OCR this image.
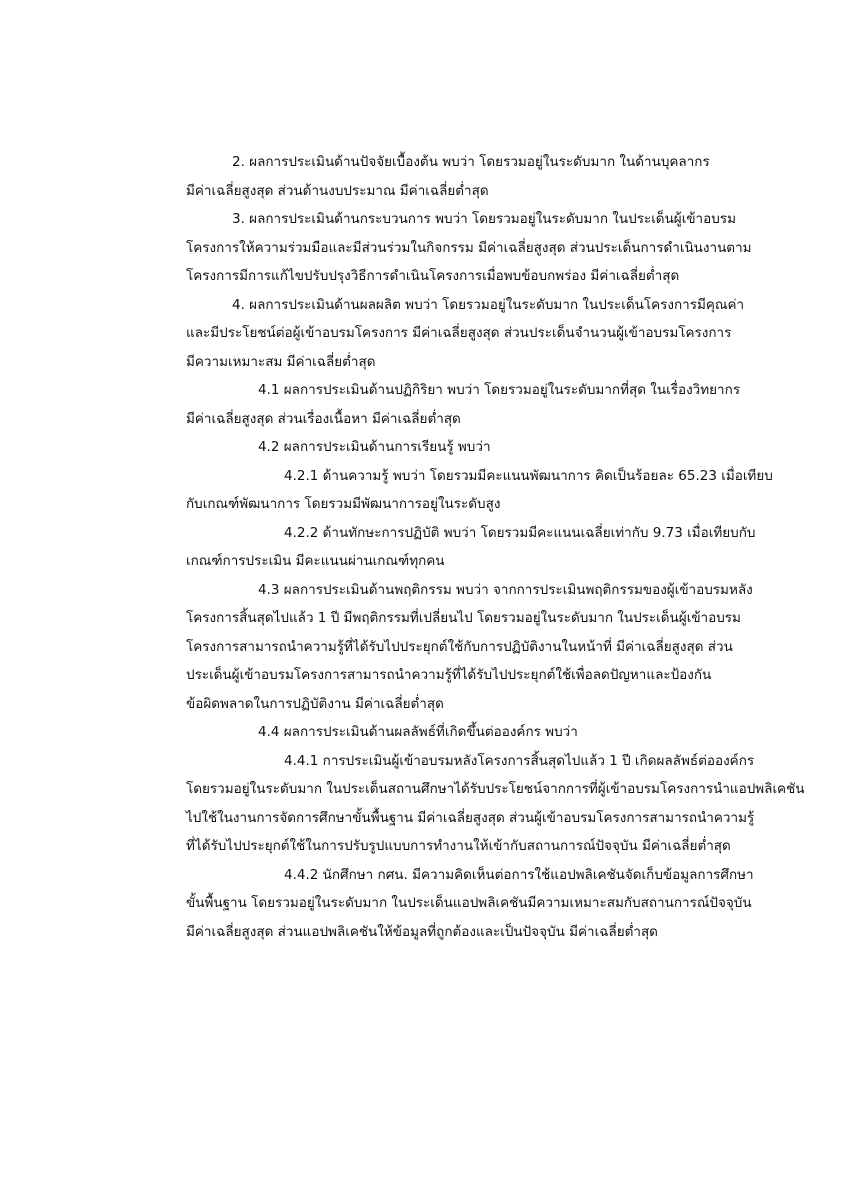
2. ผลการประเมินด้านปัจจัยเบื้องต้น พบว่า โดยรวมอยู่ในระดับมาก ในด้านบุคลากร
มีค่าเฉลี่ยสูงสุด ส่วนด้านงบประมาณ มีค่าเฉลี่ยต่ำสุด
3. ผลการประเมินด้านกระบวนการ พบว่า โดยรวมอยู่ในระดับมาก ในประเด็นผู้เข้าอบรม
โครงการให้ความร่วมมือและมีส่วนร่วมในกิจกรรม มีค่าเฉลี่ยสูงสุด ส่วนประเด็นการดำเนินงานตาม
โครงการมีการแก้ไขปรับปรุงวิธีการดำเนินโครงการเมื่อพบข้อบกพร่อง มีค่าเฉลี่ยต่ำสุด
4. ผลการประเมินด้านผลผลิต พบว่า โดยรวมอยู่ในระดับมาก ในประเด็นโครงการมีคุณค่า
และมีประโยชน์ต่อผู้เข้าอบรมโครงการ มีค่าเฉลี่ยสูงสุด ส่วนประเด็นจำนวนผู้เข้าอบรมโครงการ
มีความเหมาะสม มีค่าเฉลี่ยต่ำสุด
4.1 ผลการประเมินด้านปฏิกิริยา พบว่า โดยรวมอยู่ในระดับมากที่สุด ในเรื่องวิทยากร
มีค่าเฉลี่ยสูงสุด ส่วนเรื่องเนื้อหา มีค่าเฉลี่ยต่ำสุด
4.2 ผลการประเมินด้านการเรียนรู้ พบว่า
4.2.1 ด้านความรู้ พบว่า โดยรวมมีคะแนนพัฒนาการ คิดเป็นร้อยละ 65.23 เมื่อเทียบ
กับเกณฑ์พัฒนาการ โดยรวมมีพัฒนาการอยู่ในระดับสูง
4.2.2 ด้านทักษะการปฏิบัติ พบว่า โดยรวมมีคะแนนเฉลี่ยเท่ากับ 9.73 เมื่อเทียบกับ
เกณฑ์การประเมิน มีคะแนนผ่านเกณฑ์ทุกคน
4.3 ผลการประเมินด้านพฤติกรรม พบว่า จากการประเมินพฤติกรรมของผู้เข้าอบรมหลัง
โครงการสิ้นสุดไปแล้ว 1 ปี มีพฤติกรรมที่เปลี่ยนไป โดยรวมอยู่ในระดับมาก ในประเด็นผู้เข้าอบรม
โครงการสามารถนำความรู้ที่ได้รับไปประยุกต์ใช้กับการปฏิบัติงานในหน้าที่ มีค่าเฉลี่ยสูงสุด ส่วน
ประเด็นผู้เข้าอบรมโครงการสามารถนำความรู้ที่ได้รับไปประยุกต์ใช้เพื่อลดปัญหาและป้องกัน
ข้อผิดพลาดในการปฏิบัติงาน มีค่าเฉลี่ยต่ำสุด
4.4 ผลการประเมินด้านผลลัพธ์ที่เกิดขึ้นต่อองค์กร พบว่า
4.4.1 การประเมินผู้เข้าอบรมหลังโครงการสิ้นสุดไปแล้ว 1 ปี เกิดผลลัพธ์ต่อองค์กร
โดยรวมอยู่ในระดับมาก ในประเด็นสถานศึกษาได้รับประโยชน์จากการที่ผู้เข้าอบรมโครงการนำแอปพลิเคชัน
ไปใช้ในงานการจัดการศึกษาขั้นพื้นฐาน มีค่าเฉลี่ยสูงสุด ส่วนผู้เข้าอบรมโครงการสามารถนำความรู้
ที่ได้รับไปประยุกต์ใช้ในการปรับรูปแบบการทำงานให้เข้ากับสถานการณ์ปัจจุบัน มีค่าเฉลี่ยต่ำสุด
4.4.2 นักศึกษา กศน. มีความคิดเห็นต่อการใช้แอปพลิเคชันจัดเก็บข้อมูลการศึกษา
ขั้นพื้นฐาน โดยรวมอยู่ในระดับมาก ในประเด็นแอปพลิเคชันมีความเหมาะสมกับสถานการณ์ปัจจุบัน
มีค่าเฉลี่ยสูงสุด ส่วนแอปพลิเคชันให้ข้อมูลที่ถูกต้องและเป็นปัจจุบัน มีค่าเฉลี่ยต่ำสุด
